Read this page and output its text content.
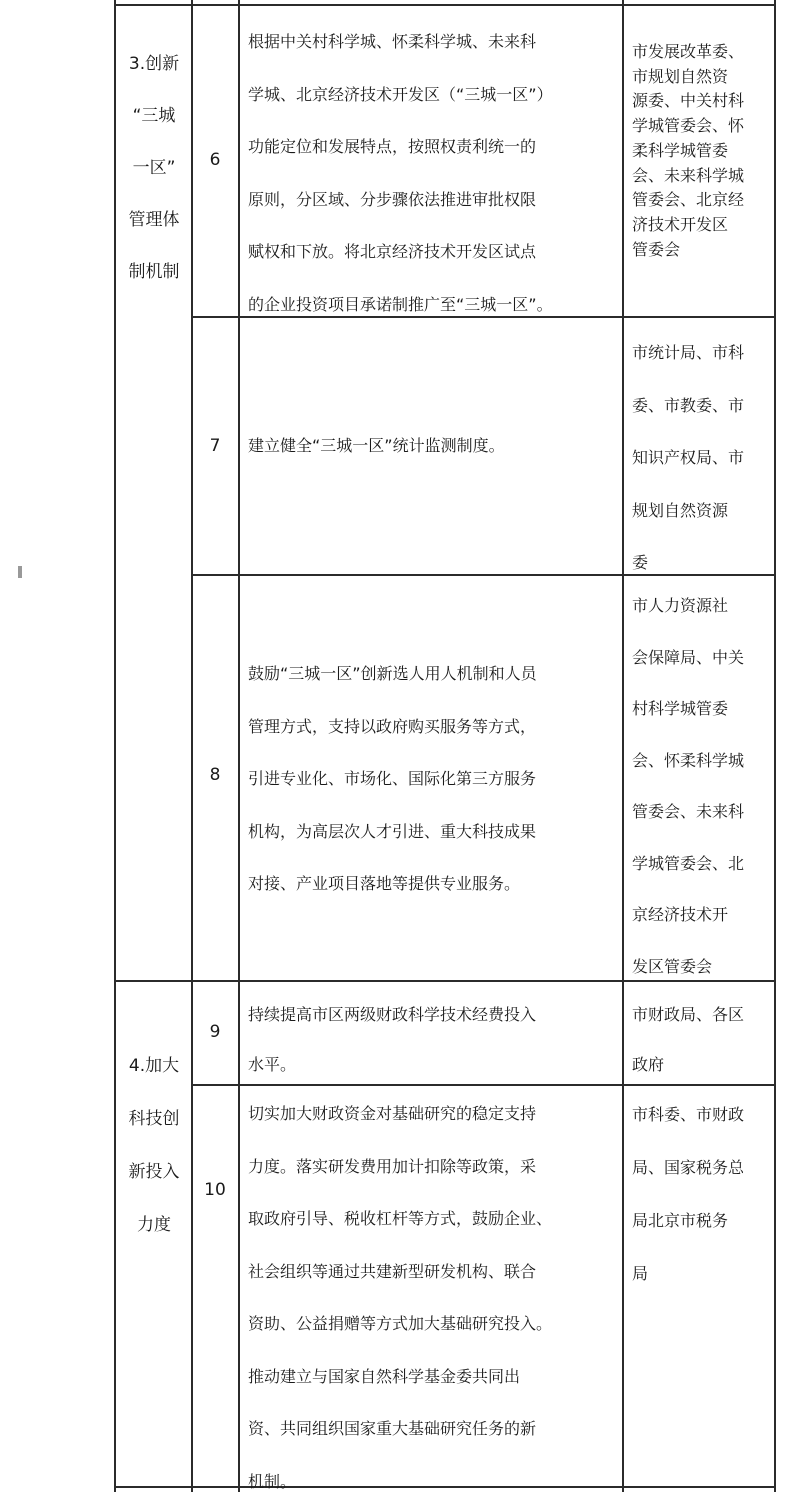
3.创新
“三城
一区”
管理体
制机制
6
根据中关村科学城、怀柔科学城、未来科
学城、北京经济技术开发区（“三城一区”）
功能定位和发展特点，按照权责利统一的
原则，分区域、分步骤依法推进审批权限
赋权和下放。将北京经济技术开发区试点
的企业投资项目承诺制推广至“三城一区”。
市发展改革委、
市规划自然资
源委、中关村科
学城管委会、怀
柔科学城管委
会、未来科学城
管委会、北京经
济技术开发区
管委会
7	建立健全“三城一区”统计监测制度。
市统计局、市科
委、市教委、市
知识产权局、市
规划自然资源
委
8
鼓励“三城一区”创新选人用人机制和人员
管理方式，支持以政府购买服务等方式，
引进专业化、市场化、国际化第三方服务
机构，为高层次人才引进、重大科技成果
对接、产业项目落地等提供专业服务。
市人力资源社
会保障局、中关
村科学城管委
会、怀柔科学城
管委会、未来科
学城管委会、北
京经济技术开
发区管委会
4.加大
科技创
新投入
力度
9
持续提高市区两级财政科学技术经费投入
水平。
市财政局、各区
政府
10
切实加大财政资金对基础研究的稳定支持
力度。落实研发费用加计扣除等政策，采
取政府引导、税收杠杆等方式，鼓励企业、
社会组织等通过共建新型研发机构、联合
资助、公益捐赠等方式加大基础研究投入。
推动建立与国家自然科学基金委共同出
资、共同组织国家重大基础研究任务的新
机制。
市科委、市财政
局、国家税务总
局北京市税务
局
